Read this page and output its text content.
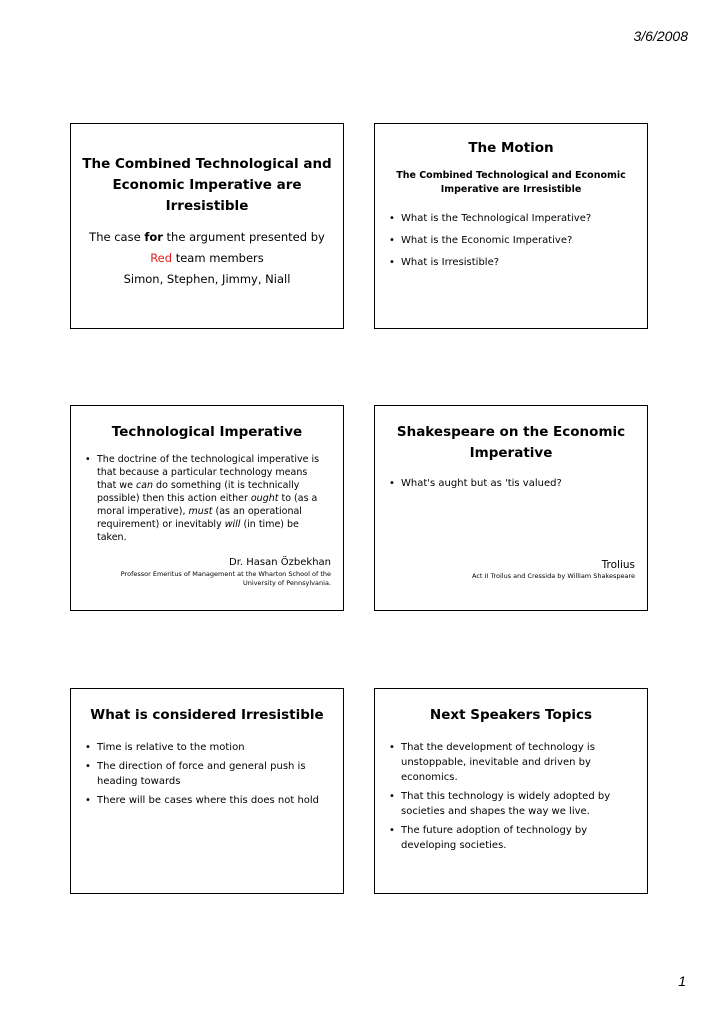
3/6/2008
The Combined Technological and Economic Imperative are Irresistible
The case for the argument presented by
Red team members
Simon, Stephen, Jimmy, Niall
The Motion
The Combined Technological and Economic Imperative are Irresistible
• What is the Technological Imperative?
• What is the Economic Imperative?
• What is Irresistible?
Technological Imperative
• The doctrine of the technological imperative is that because a particular technology means that we can do something (it is technically possible) then this action either ought to (as a moral imperative), must (as an operational requirement) or inevitably will (in time) be taken.
Dr. Hasan Özbekhan
Professor Emeritus of Management at the Wharton School of the University of Pennsylvania.
Shakespeare on the Economic Imperative
• What's aught but as 'tis valued?
Trolius
Act II Troilus and Cressida by William Shakespeare
What is considered Irresistible
• Time is relative to the motion
• The direction of force and general push is heading towards
• There will be cases where this does not hold
Next Speakers Topics
• That the development of technology is unstoppable, inevitable and driven by economics.
• That this technology is widely adopted by societies and shapes the way we live.
• The future adoption of technology by developing societies.
1
